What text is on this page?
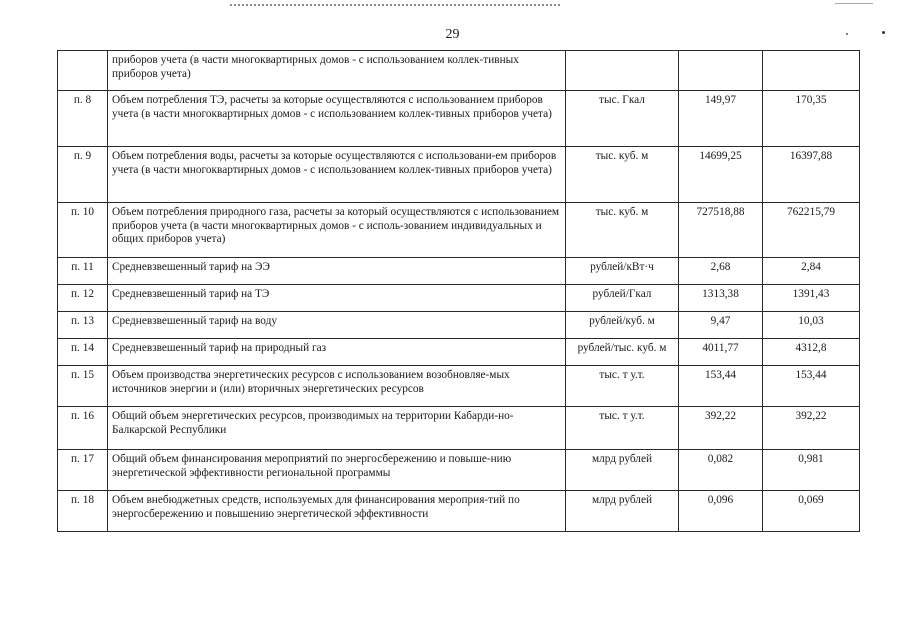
29
	приборов учета (в части многоквартирных домов - с использованием коллек-тивных приборов учета)			
п. 8	Объем потребления ТЭ, расчеты за которые осуществляются с использованием приборов учета (в части многоквартирных домов - с использованием коллек-тивных приборов учета)	тыс. Гкал	149,97	170,35
п. 9	Объем потребления воды, расчеты за которые осуществляются с использовани-ем приборов учета (в части многоквартирных домов - с использованием коллек-тивных приборов учета)	тыс. куб. м	14699,25	16397,88
п. 10	Объем потребления природного газа, расчеты за который осуществляются с использованием приборов учета (в части многоквартирных домов - с исполь-зованием индивидуальных и общих приборов учета)	тыс. куб. м	727518,88	762215,79
п. 11	Средневзвешенный тариф на ЭЭ	рублей/кВт·ч	2,68	2,84
п. 12	Средневзвешенный тариф на ТЭ	рублей/Гкал	1313,38	1391,43
п. 13	Средневзвешенный тариф на воду	рублей/куб. м	9,47	10,03
п. 14	Средневзвешенный тариф на природный газ	рублей/тыс. куб. м	4011,77	4312,8
п. 15	Объем производства энергетических ресурсов с использованием возобновляе-мых источников энергии и (или) вторичных энергетических ресурсов	тыс. т у.т.	153,44	153,44
п. 16	Общий объем энергетических ресурсов, производимых на территории Кабарди-но-Балкарской Республики	тыс. т у.т.	392,22	392,22
п. 17	Общий объем финансирования мероприятий по энергосбережению и повыше-нию энергетической эффективности региональной программы	млрд рублей	0,082	0,981
п. 18	Объем внебюджетных средств, используемых для финансирования мероприя-тий по энергосбережению и повышению энергетической эффективности	млрд рублей	0,096	0,069
